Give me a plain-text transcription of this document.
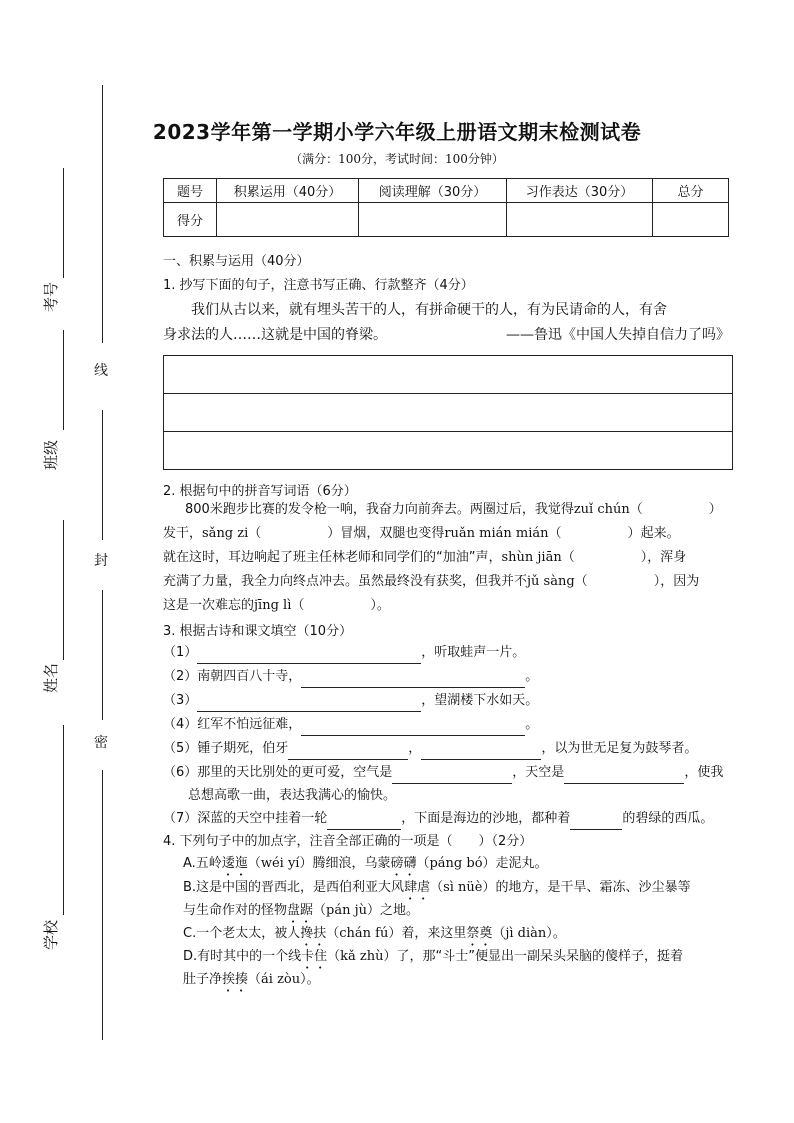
线
封
密
考号
班级
姓名
学校
2023学年第一学期小学六年级上册语文期末检测试卷
（满分：100分，考试时间：100分钟）
题号	积累运用（40分）	阅读理解（30分）	习作表达（30分）	总分
得分				
一、积累与运用（40分）
1. 抄写下面的句子，注意书写正确、行款整齐（4分）
我们从古以来，就有埋头苦干的人，有拼命硬干的人，有为民请命的人，有舍
身求法的人……这就是中国的脊梁。	——鲁迅《中国人失掉自信力了吗》
2. 根据句中的拼音写词语（6分）
800米跑步比赛的发令枪一响，我奋力向前奔去。两圈过后，我觉得zuǐ chún（	）
发干，sǎng zi（	）冒烟，双腿也变得ruǎn mián mián（	）起来。
就在这时，耳边响起了班主任林老师和同学们的“加油”声，shùn jiān（	），浑身
充满了力量，我全力向终点冲去。虽然最终没有获奖，但我并不jǔ sàng（	），因为
这是一次难忘的jīng lì（	）。
3. 根据古诗和课文填空（10分）
（1）	，听取蛙声一片。
（2）南朝四百八十寺，	。
（3）	，望湖楼下水如天。
（4）红军不怕远征难，	。
（5）锺子期死，伯牙	，	，以为世无足复为鼓琴者。
（6）那里的天比别处的更可爱，空气是	，天空是	，使我
总想高歌一曲，表达我满心的愉快。
（7）深蓝的天空中挂着一轮	，下面是海边的沙地，都种着	的碧绿的西瓜。
4. 下列句子中的加点字，注音全部正确的一项是（　　）（2分）
A.五岭逶迤（wéi yí）腾细浪，乌蒙磅礴（páng bó）走泥丸。
B.这是中国的晋西北，是西伯利亚大风肆虐（sì nüè）的地方，是干旱、霜冻、沙尘暴等
与生命作对的怪物盘踞（pán jù）之地。
C.一个老太太，被人搀扶（chán fú）着，来这里祭奠（jì diàn）。
D.有时其中的一个线卡住（kǎ zhù）了，那“斗士”便显出一副呆头呆脑的傻样子，挺着
肚子净挨揍（ái zòu）。
